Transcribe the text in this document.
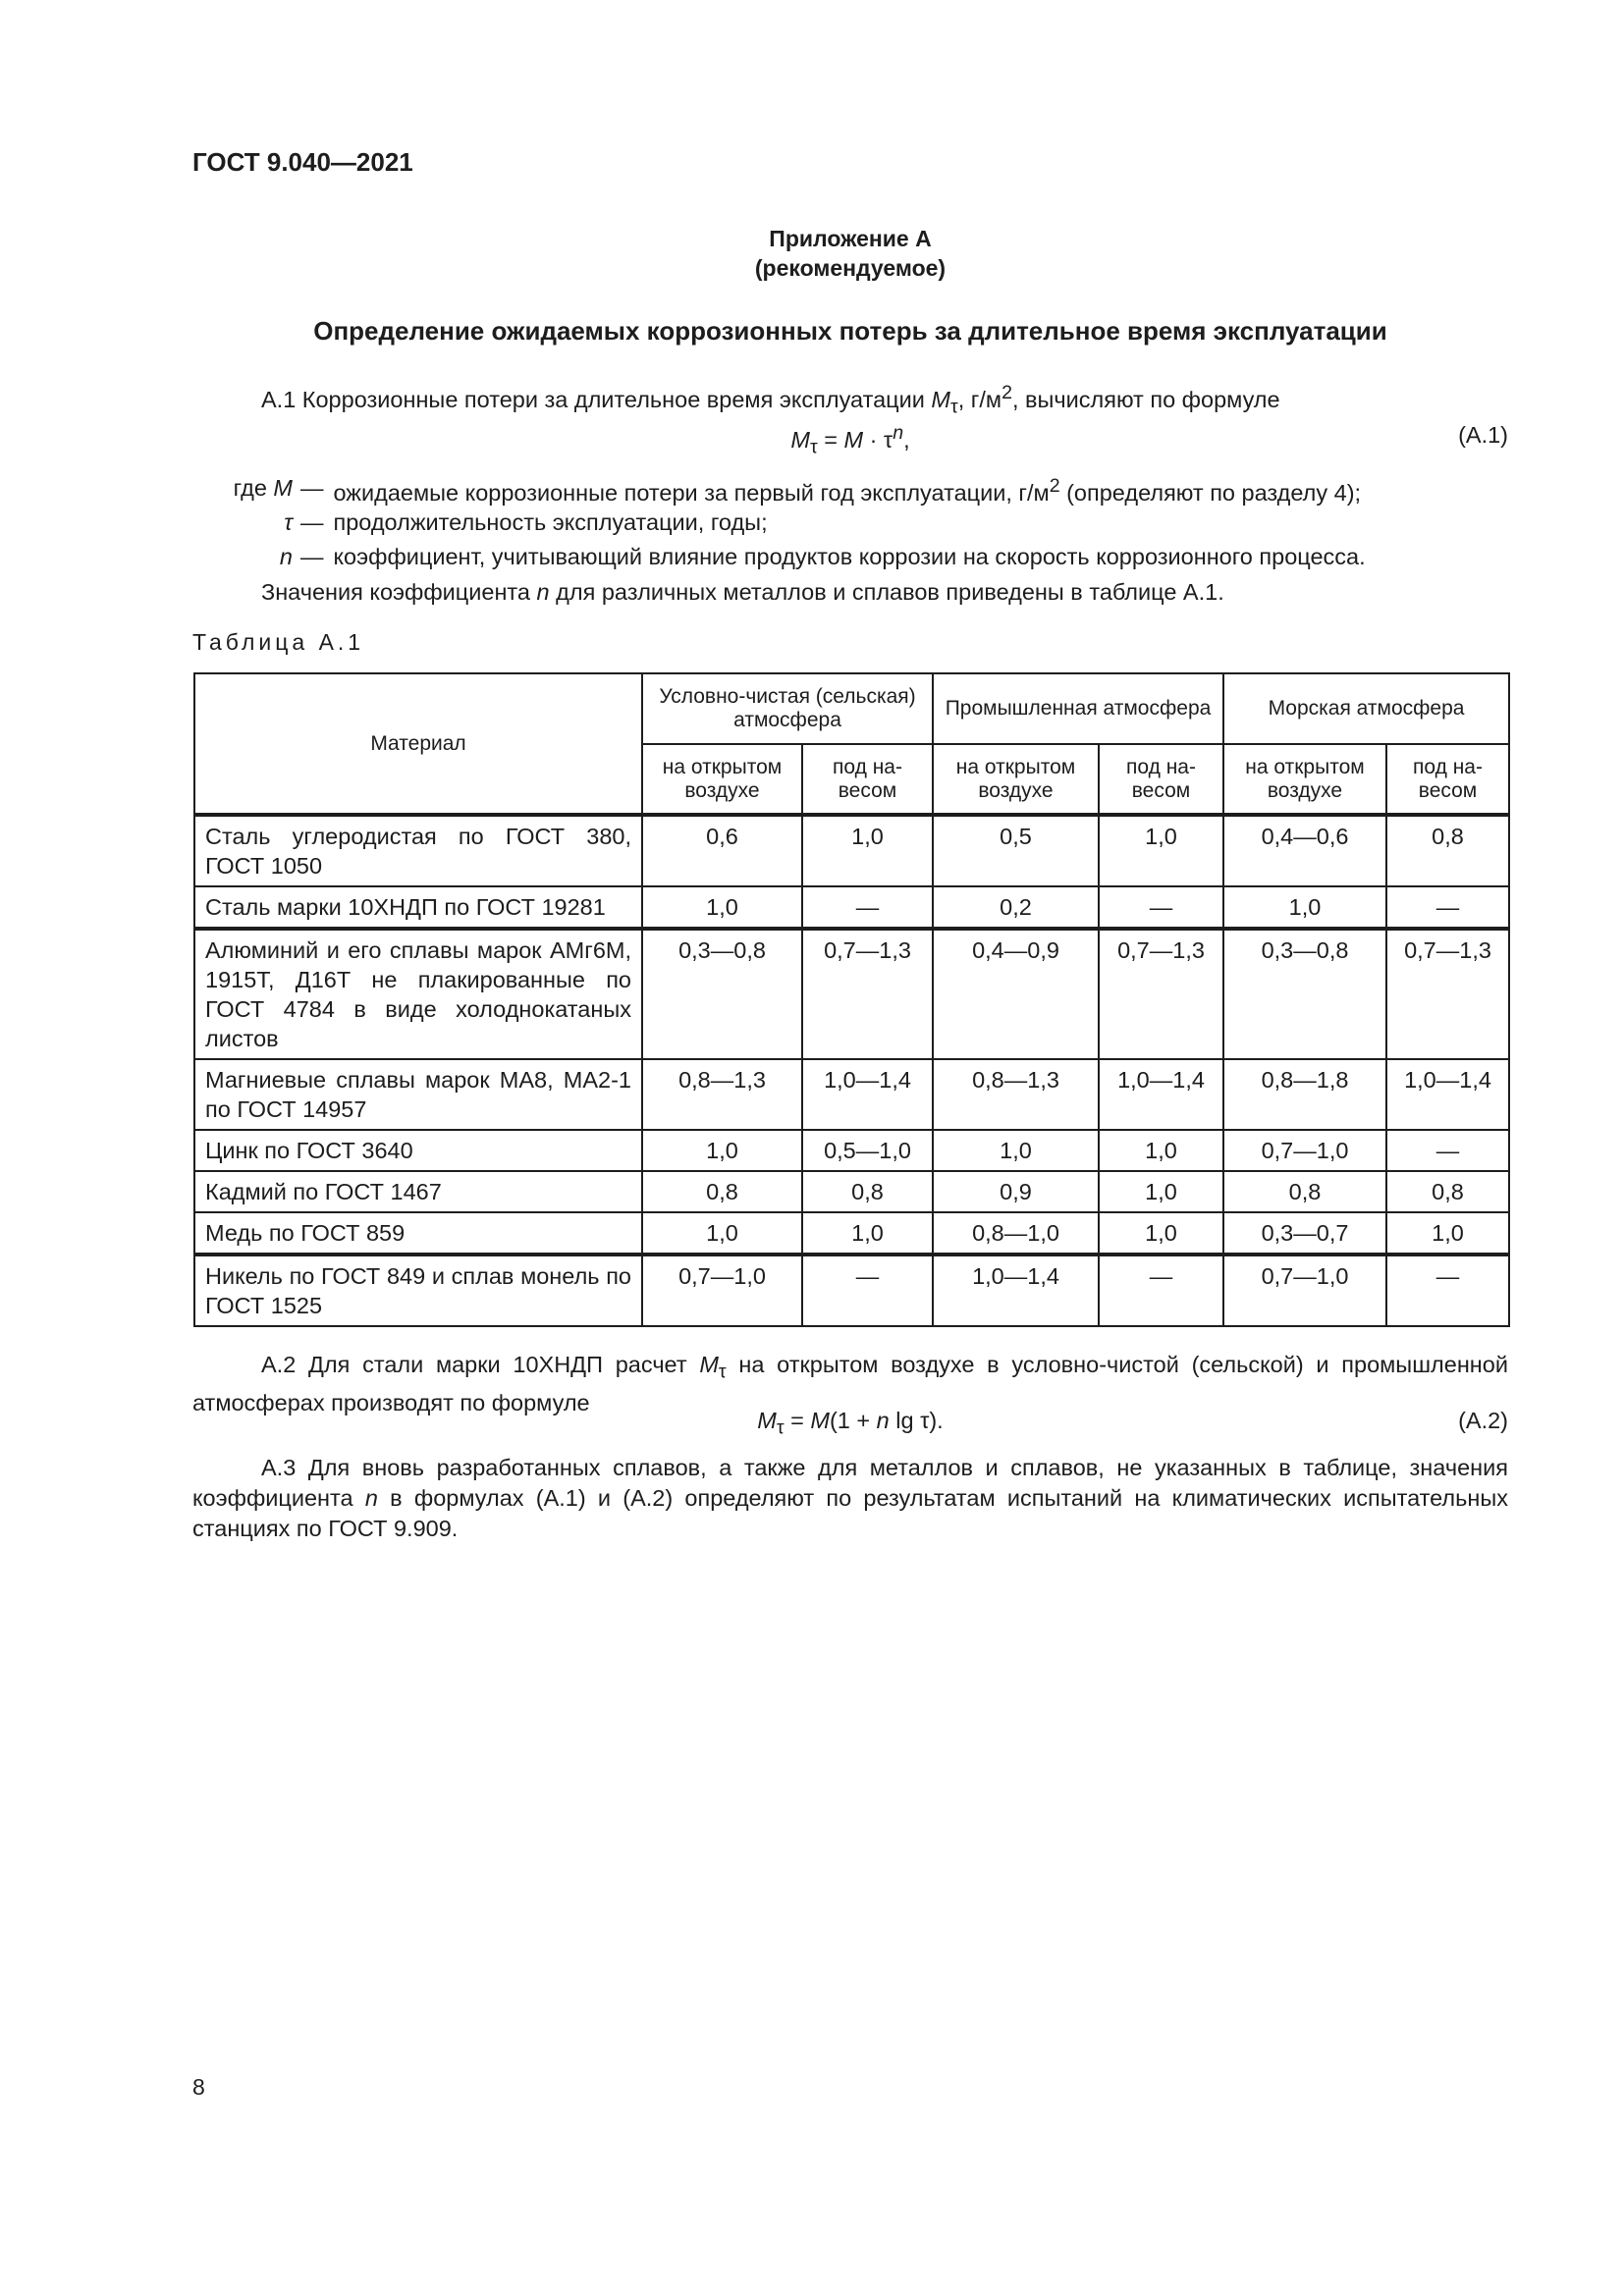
ГОСТ 9.040—2021
Приложение А
(рекомендуемое)
Определение ожидаемых коррозионных потерь за длительное время эксплуатации
А.1 Коррозионные потери за длительное время эксплуатации $M_\tau$, $г/м^2$, вычисляют по формуле
$M_\tau = M \cdot \tau^n$,	(А.1)
где M — ожидаемые коррозионные потери за первый год эксплуатации, $г/м^2$ (определяют по разделу 4);
τ — продолжительность эксплуатации, годы;
n — коэффициент, учитывающий влияние продуктов коррозии на скорость коррозионного процесса.
Значения коэффициента n для различных металлов и сплавов приведены в таблице А.1.
Таблица А.1
Материал	Условно-чистая (сельская) атмосфера		Промышленная атмосфера		Морская атмосфера	
	на открытом воздухе	под на-весом	на открытом воздухе	под на-весом	на открытом воздухе	под на-весом
Сталь углеродистая по ГОСТ 380, ГОСТ 1050	0,6	1,0	0,5	1,0	0,4—0,6	0,8
Сталь марки 10ХНДП по ГОСТ 19281	1,0	—	0,2	—	1,0	—
Алюминий и его сплавы марок АМг6М, 1915Т, Д16Т не плакированные по ГОСТ 4784 в виде холоднокатаных листов	0,3—0,8	0,7—1,3	0,4—0,9	0,7—1,3	0,3—0,8	0,7—1,3
Магниевые сплавы марок МА8, МА2-1 по ГОСТ 14957	0,8—1,3	1,0—1,4	0,8—1,3	1,0—1,4	0,8—1,8	1,0—1,4
Цинк по ГОСТ 3640	1,0	0,5—1,0	1,0	1,0	0,7—1,0	—
Кадмий по ГОСТ 1467	0,8	0,8	0,9	1,0	0,8	0,8
Медь по ГОСТ 859	1,0	1,0	0,8—1,0	1,0	0,3—0,7	1,0
Никель по ГОСТ 849 и сплав монель по ГОСТ 1525	0,7—1,0	—	1,0—1,4	—	0,7—1,0	—
А.2 Для стали марки 10ХНДП расчет $M_\tau$ на открытом воздухе в условно-чистой (сельской) и промышленной атмосферах производят по формуле
$M_\tau = M(1 + n$ lg τ).	(А.2)
А.3 Для вновь разработанных сплавов, а также для металлов и сплавов, не указанных в таблице, значения коэффициента n в формулах (А.1) и (А.2) определяют по результатам испытаний на климатических испытательных станциях по ГОСТ 9.909.
8
